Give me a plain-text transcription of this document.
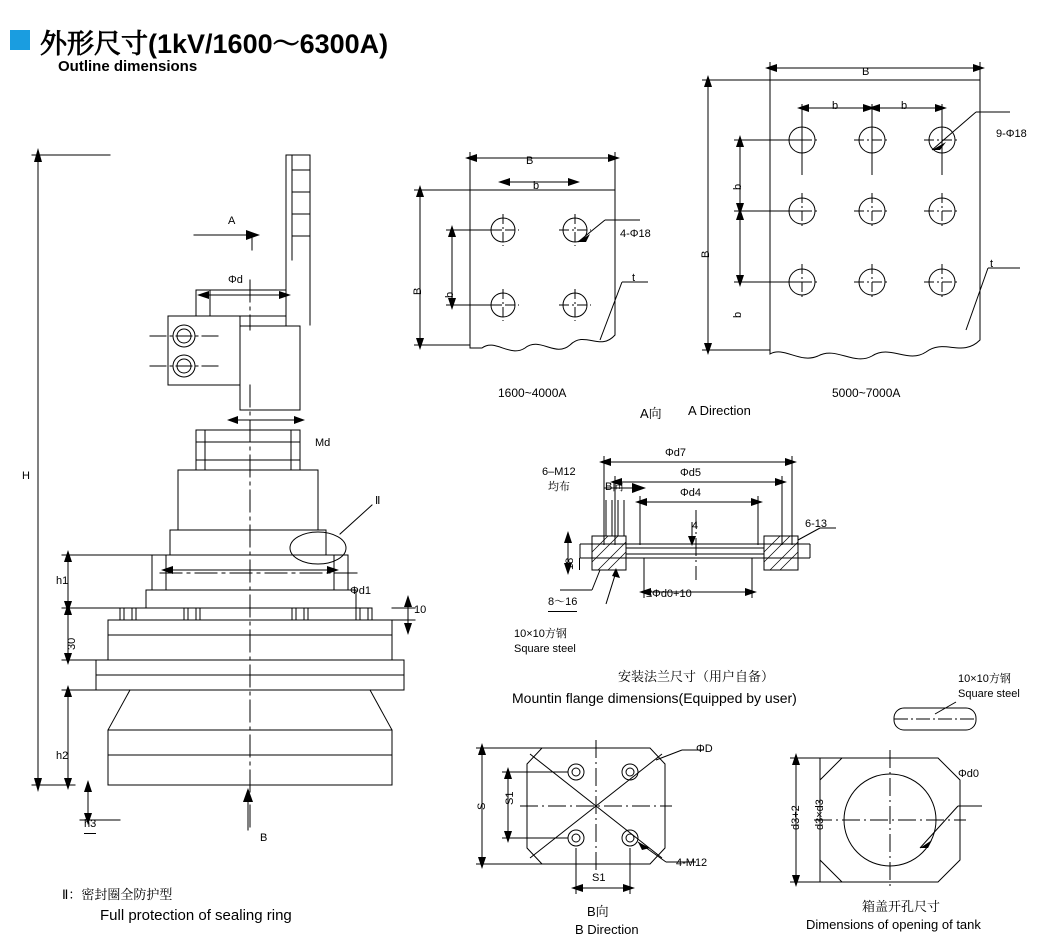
外形尺寸(1kV/1600～6300A)
Outline dimensions
H
A
Φd
Md
Ⅱ
h1
Φd1
10
30
h2
h3
B
Ⅱ：密封圈全防护型
Full protection of sealing ring
B
b
B b
4-Φ18
t
1600~4000A
B
b	b
B
b
b
9-Φ18
t
5000~7000A
A向 A Direction
6–M12
均布	B向
Φd7
Φd5
Φd4
4	6-13
18
8～16
≤Φd0+10
10×10方钢
Square steel
安装法兰尺寸（用户自备）
Mountin flange dimensions(Equipped by user)
ΦD
S
S1
S1
4-M12
B向
B Direction
10×10方钢
Square steel
Φd0
d3+2 d3×d3
箱盖开孔尺寸
Dimensions of opening of tank
